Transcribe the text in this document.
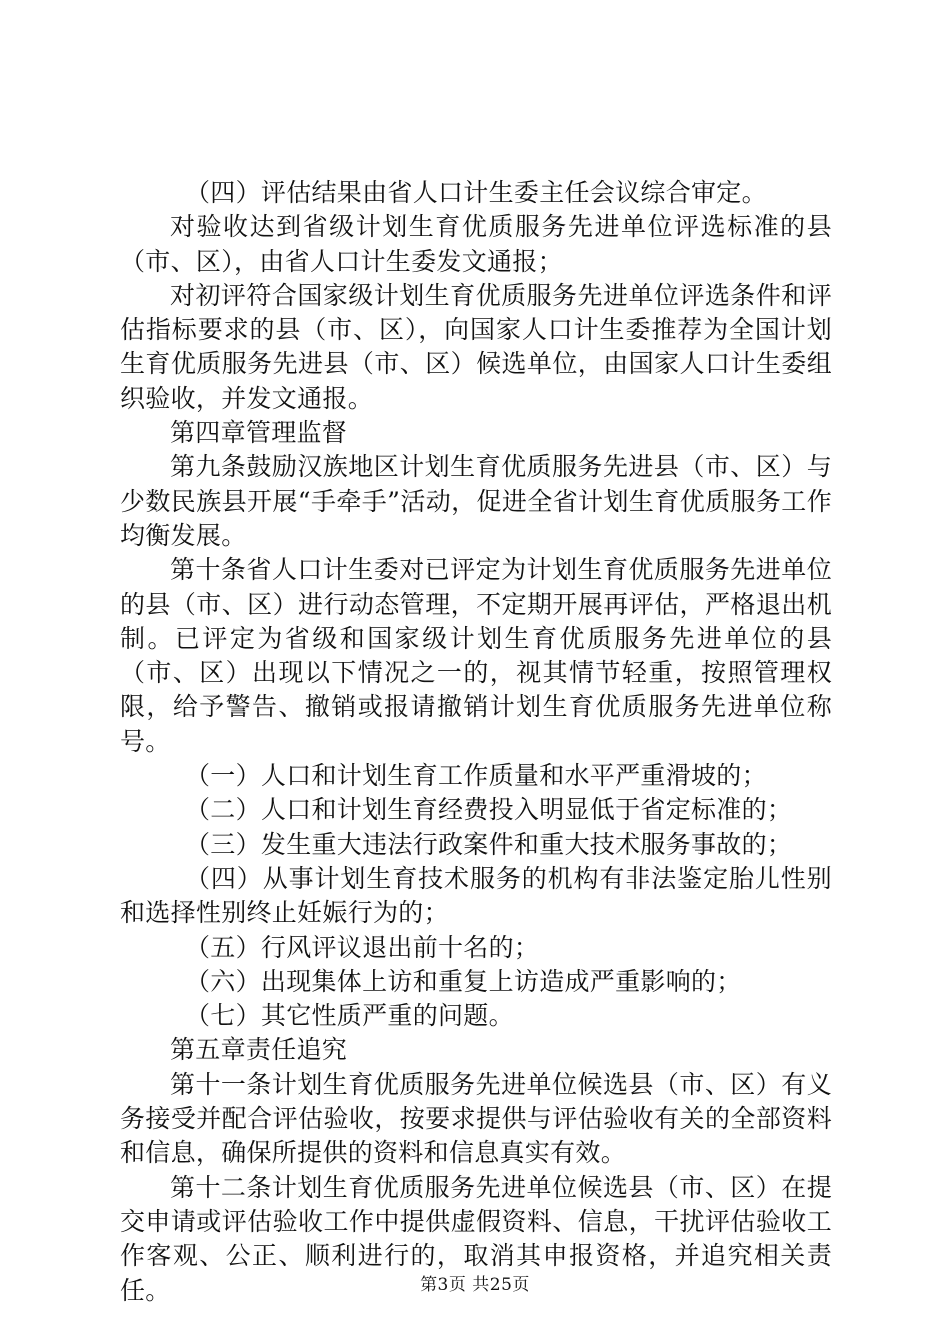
（四）评估结果由省人口计生委主任会议综合审定。

对验收达到省级计划生育优质服务先进单位评选标准的县（市、区），由省人口计生委发文通报；

对初评符合国家级计划生育优质服务先进单位评选条件和评估指标要求的县（市、区），向国家人口计生委推荐为全国计划生育优质服务先进县（市、区）候选单位，由国家人口计生委组织验收，并发文通报。

第四章管理监督

第九条鼓励汉族地区计划生育优质服务先进县（市、区）与少数民族县开展“手牵手”活动，促进全省计划生育优质服务工作均衡发展。

第十条省人口计生委对已评定为计划生育优质服务先进单位的县（市、区）进行动态管理，不定期开展再评估，严格退出机制。已评定为省级和国家级计划生育优质服务先进单位的县（市、区）出现以下情况之一的，视其情节轻重，按照管理权限，给予警告、撤销或报请撤销计划生育优质服务先进单位称号。

（一）人口和计划生育工作质量和水平严重滑坡的；

（二）人口和计划生育经费投入明显低于省定标准的；

（三）发生重大违法行政案件和重大技术服务事故的；

（四）从事计划生育技术服务的机构有非法鉴定胎儿性别和选择性别终止妊娠行为的；

（五）行风评议退出前十名的；

（六）出现集体上访和重复上访造成严重影响的；

（七）其它性质严重的问题。

第五章责任追究

第十一条计划生育优质服务先进单位候选县（市、区）有义务接受并配合评估验收，按要求提供与评估验收有关的全部资料和信息，确保所提供的资料和信息真实有效。

第十二条计划生育优质服务先进单位候选县（市、区）在提交申请或评估验收工作中提供虚假资料、信息，干扰评估验收工作客观、公正、顺利进行的，取消其申报资格，并追究相关责任。	第3页 共25页
